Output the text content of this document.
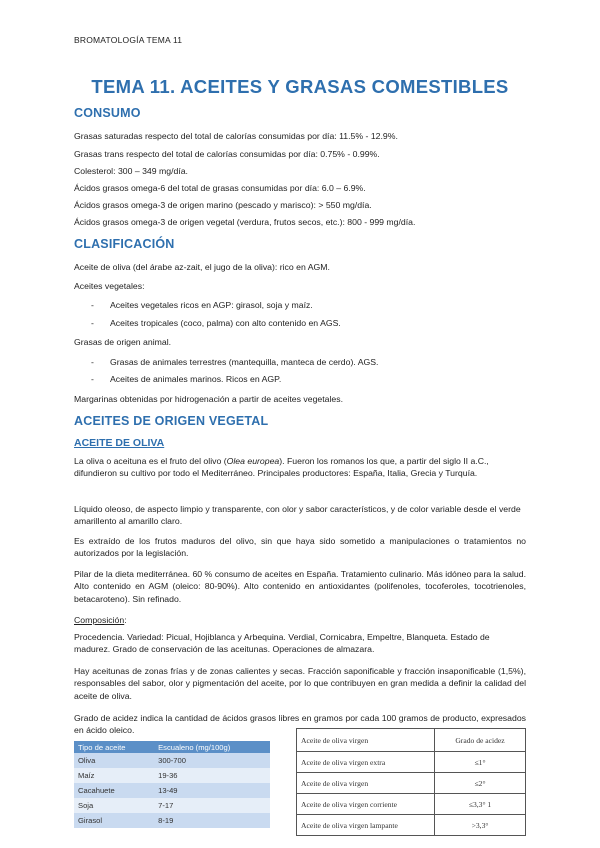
BROMATOLOGÍA TEMA 11
TEMA 11. ACEITES Y GRASAS COMESTIBLES
CONSUMO

Grasas saturadas respecto del total de calorías consumidas por día: 11.5% - 12.9%.

Grasas trans respecto del total de calorías consumidas por día: 0.75% - 0.99%.

Colesterol: 300 – 349 mg/día.

Ácidos grasos omega-6 del total de grasas consumidas por día: 6.0 – 6.9%.

Ácidos grasos omega-3 de origen marino (pescado y marisco): > 550 mg/día.

Ácidos grasos omega-3 de origen vegetal (verdura, frutos secos, etc.): 800 - 999 mg/día.

CLASIFICACIÓN

Aceite de oliva (del árabe az-zait, el jugo de la oliva): rico en AGM.

Aceites vegetales:

- Aceites vegetales ricos en AGP: girasol, soja y maíz.
- Aceites tropicales (coco, palma) con alto contenido en AGS.

Grasas de origen animal.

- Grasas de animales terrestres (mantequilla, manteca de cerdo). AGS.
- Aceites de animales marinos. Ricos en AGP.

Margarinas obtenidas por hidrogenación a partir de aceites vegetales.

ACEITES DE ORIGEN VEGETAL
ACEITE DE OLIVA

La oliva o aceituna es el fruto del olivo (Olea europea). Fueron los romanos los que, a partir del siglo II a.C., difundieron su cultivo por todo el Mediterráneo. Principales productores: España, Italia, Grecia y Turquía.

Líquido oleoso, de aspecto limpio y transparente, con olor y sabor característicos, y de color variable desde el verde amarillento al amarillo claro.

Es extraído de los frutos maduros del olivo, sin que haya sido sometido a manipulaciones o tratamientos no autorizados por la legislación.

Pilar de la dieta mediterránea. 60 % consumo de aceites en España. Tratamiento culinario. Más idóneo para la salud. Alto contenido en AGM (oleico: 80-90%). Alto contenido en antioxidantes (polifenoles, tocoferoles, tocotrienoles, betacaroteno). Sin refinado.

Composición:

Procedencia. Variedad: Picual, Hojiblanca y Arbequina. Verdial, Cornicabra, Empeltre, Blanqueta. Estado de madurez. Grado de conservación de las aceitunas. Operaciones de almazara.

Hay aceitunas de zonas frías y de zonas calientes y secas. Fracción saponificable y fracción insaponificable (1,5%), responsables del sabor, olor y pigmentación del aceite, por lo que contribuyen en gran medida a definir la calidad del aceite de oliva.

Grado de acidez indica la cantidad de ácidos grasos libres en gramos por cada 100 gramos de producto, expresados en ácido oleico.

Tipo de aceite	Escualeno (mg/100g)
Oliva	300-700
Maíz	19-36
Cacahuete	13-49
Soja	7-17
Girasol	8-19
Aceite de oliva virgen	Grado de acidez
Aceite de oliva virgen extra	≤1°
Aceite de oliva virgen	≤2°
Aceite de oliva virgen corriente	≤3,3° 1
Aceite de oliva virgen lampante	>3,3°
